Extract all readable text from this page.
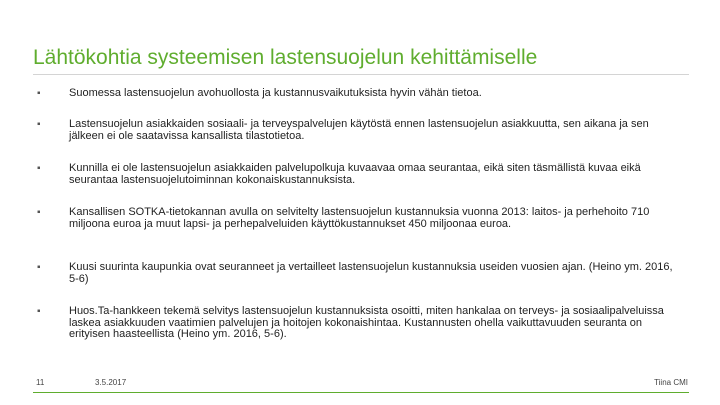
Lähtökohtia systeemisen lastensuojelun kehittämiselle
▪	Suomessa lastensuojelun avohuollosta ja kustannusvaikutuksista hyvin vähän tietoa.
▪	Lastensuojelun asiakkaiden sosiaali- ja terveyspalvelujen käytöstä ennen lastensuojelun asiakkuutta, sen aikana ja sen jälkeen ei ole saatavissa kansallista tilastotietoa.
▪	Kunnilla ei ole lastensuojelun asiakkaiden palvelupolkuja kuvaavaa omaa seurantaa, eikä siten täsmällistä kuvaa eikä seurantaa lastensuojelutoiminnan kokonaiskustannuksista.
▪	Kansallisen SOTKA-tietokannan avulla on selvitelty lastensuojelun kustannuksia vuonna 2013: laitos- ja perhehoito 710 miljoona euroa ja muut lapsi- ja perhepalveluiden käyttökustannukset 450 miljoonaa euroa.
▪	Kuusi suurinta kaupunkia ovat seuranneet ja vertailleet lastensuojelun kustannuksia useiden vuosien ajan. (Heino ym. 2016, 5-6)
▪	Huos.Ta-hankkeen tekemä selvitys lastensuojelun kustannuksista osoitti, miten hankalaa on terveys- ja sosiaalipalveluissa laskea asiakkuuden vaatimien palvelujen ja hoitojen kokonaishintaa. Kustannusten ohella vaikuttavuuden seuranta on erityisen haasteellista (Heino ym. 2016, 5-6).
11	3.5.2017	Tiina CMI
